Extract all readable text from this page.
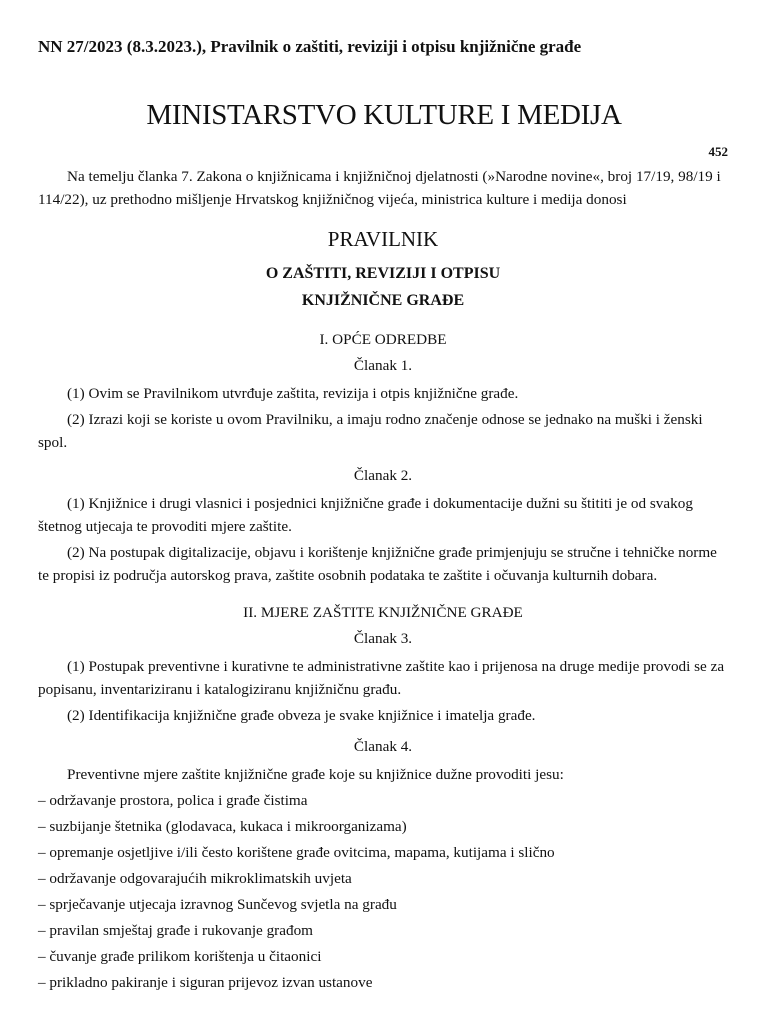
NN 27/2023 (8.3.2023.), Pravilnik o zaštiti, reviziji i otpisu knjižnične građe
MINISTARSTVO KULTURE I MEDIJA
452

Na temelju članka 7. Zakona o knjižnicama i knjižničnoj djelatnosti (»Narodne novine«, broj 17/19, 98/19 i 114/22), uz prethodno mišljenje Hrvatskog knjižničnog vijeća, ministrica kulture i medija donosi

PRAVILNIK

O ZAŠTITI, REVIZIJI I OTPISU

KNJIŽNIČNE GRAĐE

I. OPĆE ODREDBE

Članak 1.

(1) Ovim se Pravilnikom utvrđuje zaštita, revizija i otpis knjižnične građe.

(2) Izrazi koji se koriste u ovom Pravilniku, a imaju rodno značenje odnose se jednako na muški i ženski spol.

Članak 2.

(1) Knjižnice i drugi vlasnici i posjednici knjižnične građe i dokumentacije dužni su štititi je od svakog štetnog utjecaja te provoditi mjere zaštite.

(2) Na postupak digitalizacije, objavu i korištenje knjižnične građe primjenjuju se stručne i tehničke norme te propisi iz područja autorskog prava, zaštite osobnih podataka te zaštite i očuvanja kulturnih dobara.

II. MJERE ZAŠTITE KNJIŽNIČNE GRAĐE

Članak 3.

(1) Postupak preventivne i kurativne te administrativne zaštite kao i prijenosa na druge medije provodi se za popisanu, inventariziranu i katalogiziranu knjižničnu građu.

(2) Identifikacija knjižnične građe obveza je svake knjižnice i imatelja građe.

Članak 4.

Preventivne mjere zaštite knjižnične građe koje su knjižnice dužne provoditi jesu:

– održavanje prostora, polica i građe čistima

– suzbijanje štetnika (glodavaca, kukaca i mikroorganizama)

– opremanje osjetljive i/ili često korištene građe ovitcima, mapama, kutijama i slično

– održavanje odgovarajućih mikroklimatskih uvjeta

– sprječavanje utjecaja izravnog Sunčevog svjetla na građu

– pravilan smještaj građe i rukovanje građom

– čuvanje građe prilikom korištenja u čitaonici

– prikladno pakiranje i siguran prijevoz izvan ustanove
